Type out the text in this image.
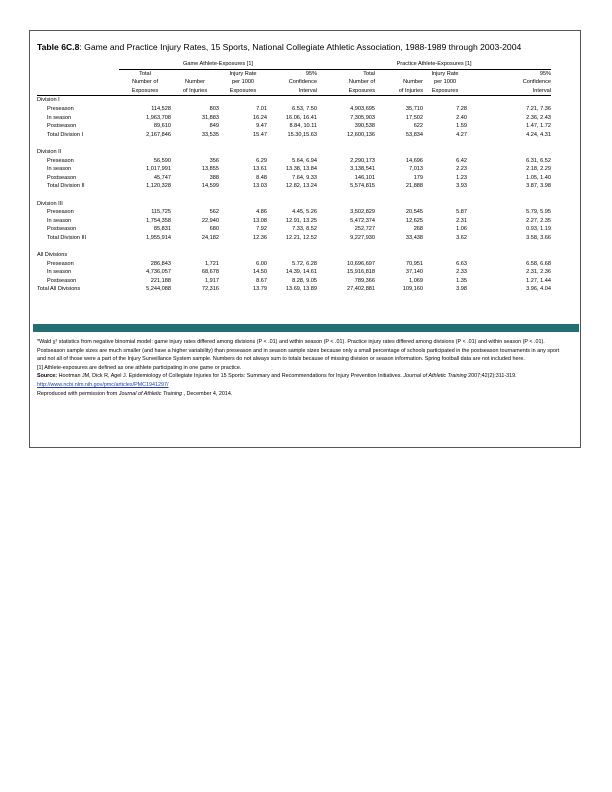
Table 6C.8: Game and Practice Injury Rates, 15 Sports, National Collegiate Athletic Association, 1988-1989 through 2003-2004
	Game Athlete-Exposures [1]				Practice Athlete-Exposures [1]			
	Total		Injury Rate	95%	Total		Injury Rate	95%
	Number of	Number	per 1000	Confidence	Number of	Number	per 1000	Confidence
	Exposures	of Injuries	Exposures	Interval	Exposures	of Injuries	Exposures	Interval
Division I								
Preseason	114,528	803	7.01	6.53, 7.50	4,903,695	35,710	7.28	7.21, 7.36
In season	1,963,708	31,883	16.24	16.06, 16.41	7,305,903	17,502	2.40	2.36, 2.43
Postseason	89,610	849	9.47	8.84, 10.11	390,538	622	1.59	1.47, 1.72
Total Division I	2,167,846	33,535	15.47	15.30,15.63	12,600,136	53,834	4.27	4.24, 4.31

Division II								
Preseason	56,590	356	6.29	5.64, 6.94	2,290,173	14,696	6.42	6.31, 6.52
In season	1,017,991	13,855	13.61	13.38, 13.84	3,138,541	7,013	2.23	2.18, 2.29
Postseason	45,747	388	8.48	7.64, 9.33	146,101	179	1.23	1.05, 1.40
Total Division II	1,120,328	14,599	13.03	12.82, 13.24	5,574,815	21,888	3.93	3.87, 3.98

Division III								
Preseason	115,725	562	4.86	4.45, 5.26	3,502,829	20,545	5.87	5.79, 5.95
In season	1,754,358	22,940	13.08	12.91, 13.25	5,472,374	12,625	2.31	2.27, 2.35
Postseason	85,831	680	7.92	7.33, 8.52	252,727	268	1.06	0.93, 1.19
Total Division III	1,955,914	24,182	12.36	12.21, 12.52	9,227,930	33,438	3.62	3.58, 3.66

All Divisions								
Preseason	286,843	1,721	6.00	5.72, 6.28	10,696,697	70,951	6.63	6.58, 6.68
In season	4,736,057	68,678	14.50	14.39, 14.61	15,916,818	37,140	2.33	2.31, 2.36
Postseason	221,188	1,917	8.67	8.28, 9.05	789,366	1,069	1.35	1.27, 1.44
Total All Divisions	5,244,088	72,316	13.79	13.69, 13.89	27,402,881	109,160	3.98	3.96, 4.04

*Wald χ² statistics from negative binomial model: game injury rates differed among divisions (P < .01) and within season (P < .01). Practice injury rates differed among divisions (P < .01) and within season (P < .01). Postseason sample sizes are much smaller (and have a higher variability) than preseason and in season sample sizes because only a small percentage of schools participated in the postseason tournaments in any sport and not all of those were a part of the Injury Surveillance System sample. Numbers do not always sum to totals because of missing division or season information. Spring football data are not included here.

[1] Athlete-exposures are defined as one athlete participating in one game or practice.

Source: Hootman JM, Dick R, Agel J. Epidemiology of Collegiate Injuries for 15 Sports: Summary and Recommendations for Injury Prevention Initiatives. Journal of Athletic Training 2007;42(2):311-319. http://www.ncbi.nlm.nih.gov/pmc/articles/PMC1941297/

Reproduced with permission from Journal of Athletic Training , December 4, 2014.
